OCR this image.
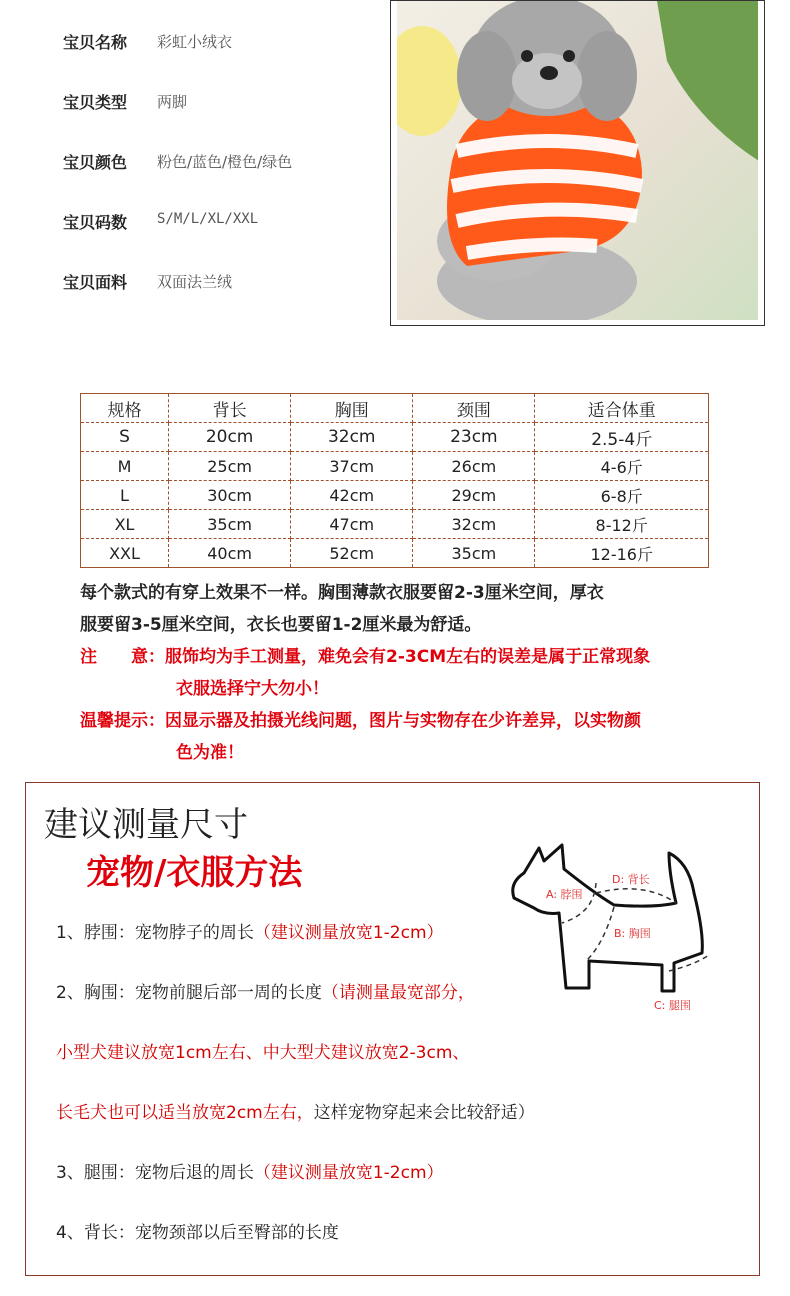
宝贝名称 彩虹小绒衣
宝贝类型 两脚
宝贝颜色 粉色/蓝色/橙色/绿色
宝贝码数 S/M/L/XL/XXL
宝贝面料 双面法兰绒
规格	背长	胸围	颈围	适合体重
S	20cm	32cm	23cm	2.5-4斤
M	25cm	37cm	26cm	4-6斤
L	30cm	42cm	29cm	6-8斤
XL	35cm	47cm	32cm	8-12斤
XXL	40cm	52cm	35cm	12-16斤
每个款式的有穿上效果不一样。胸围薄款衣服要留2-3厘米空间，厚衣
服要留3-5厘米空间，衣长也要留1-2厘米最为舒适。
注　　意：服饰均为手工测量，难免会有2-3CM左右的误差是属于正常现象
衣服选择宁大勿小！
温馨提示：因显示器及拍摄光线问题，图片与实物存在少许差异，以实物颜
色为准！
建议测量尺寸
宠物/衣服方法
A: 脖围
D: 背长
B: 胸围
C: 腿围
1、脖围：宠物脖子的周长（建议测量放宽1-2cm）
2、胸围：宠物前腿后部一周的长度（请测量最宽部分，
小型犬建议放宽1cm左右、中大型犬建议放宽2-3cm、
长毛犬也可以适当放宽2cm左右，这样宠物穿起来会比较舒适）
3、腿围：宠物后退的周长（建议测量放宽1-2cm）
4、背长：宠物颈部以后至臀部的长度
